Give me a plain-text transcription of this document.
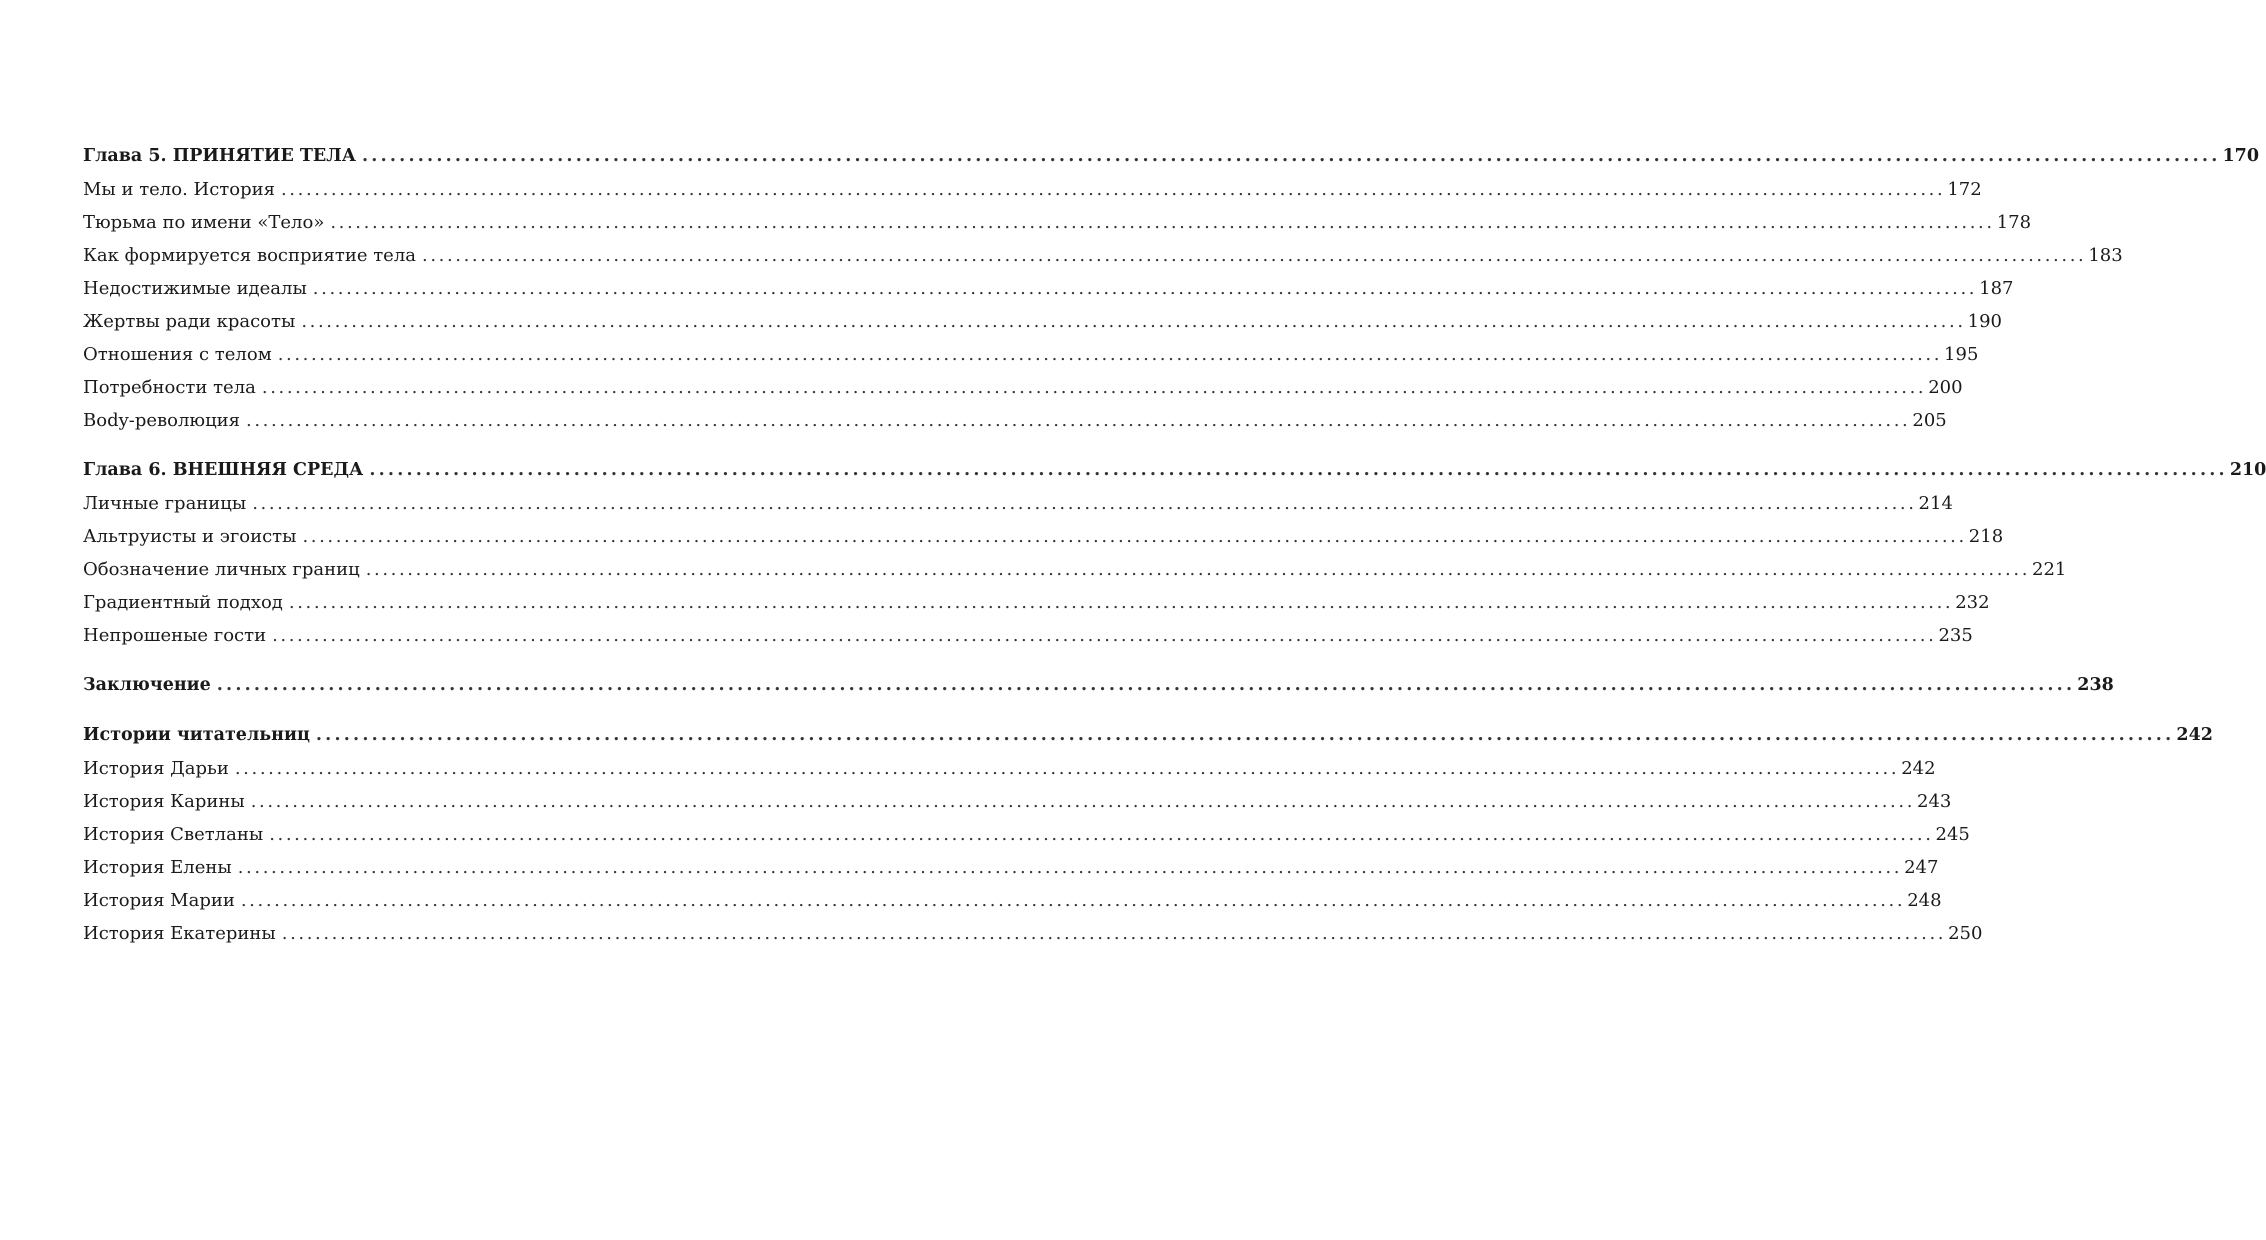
Глава 5. ПРИНЯТИЕ ТЕЛА ........................................................................................................................................................................................................ 170
Мы и тело. История ........................................................................................................................................................................................................ 172
Тюрьма по имени «Тело» ........................................................................................................................................................................................................ 178
Как формируется восприятие тела ........................................................................................................................................................................................................ 183
Недостижимые идеалы ........................................................................................................................................................................................................ 187
Жертвы ради красоты ........................................................................................................................................................................................................ 190
Отношения с телом ........................................................................................................................................................................................................ 195
Потребности тела ........................................................................................................................................................................................................ 200
Body-революция ........................................................................................................................................................................................................ 205
Глава 6. ВНЕШНЯЯ СРЕДА ........................................................................................................................................................................................................ 210
Личные границы ........................................................................................................................................................................................................ 214
Альтруисты и эгоисты ........................................................................................................................................................................................................ 218
Обозначение личных границ ........................................................................................................................................................................................................ 221
Градиентный подход ........................................................................................................................................................................................................ 232
Непрошеные гости ........................................................................................................................................................................................................ 235
Заключение ........................................................................................................................................................................................................ 238
Истории читательниц ........................................................................................................................................................................................................ 242
История Дарьи ........................................................................................................................................................................................................ 242
История Карины ........................................................................................................................................................................................................ 243
История Светланы ........................................................................................................................................................................................................ 245
История Елены ........................................................................................................................................................................................................ 247
История Марии ........................................................................................................................................................................................................ 248
История Екатерины ........................................................................................................................................................................................................ 250
